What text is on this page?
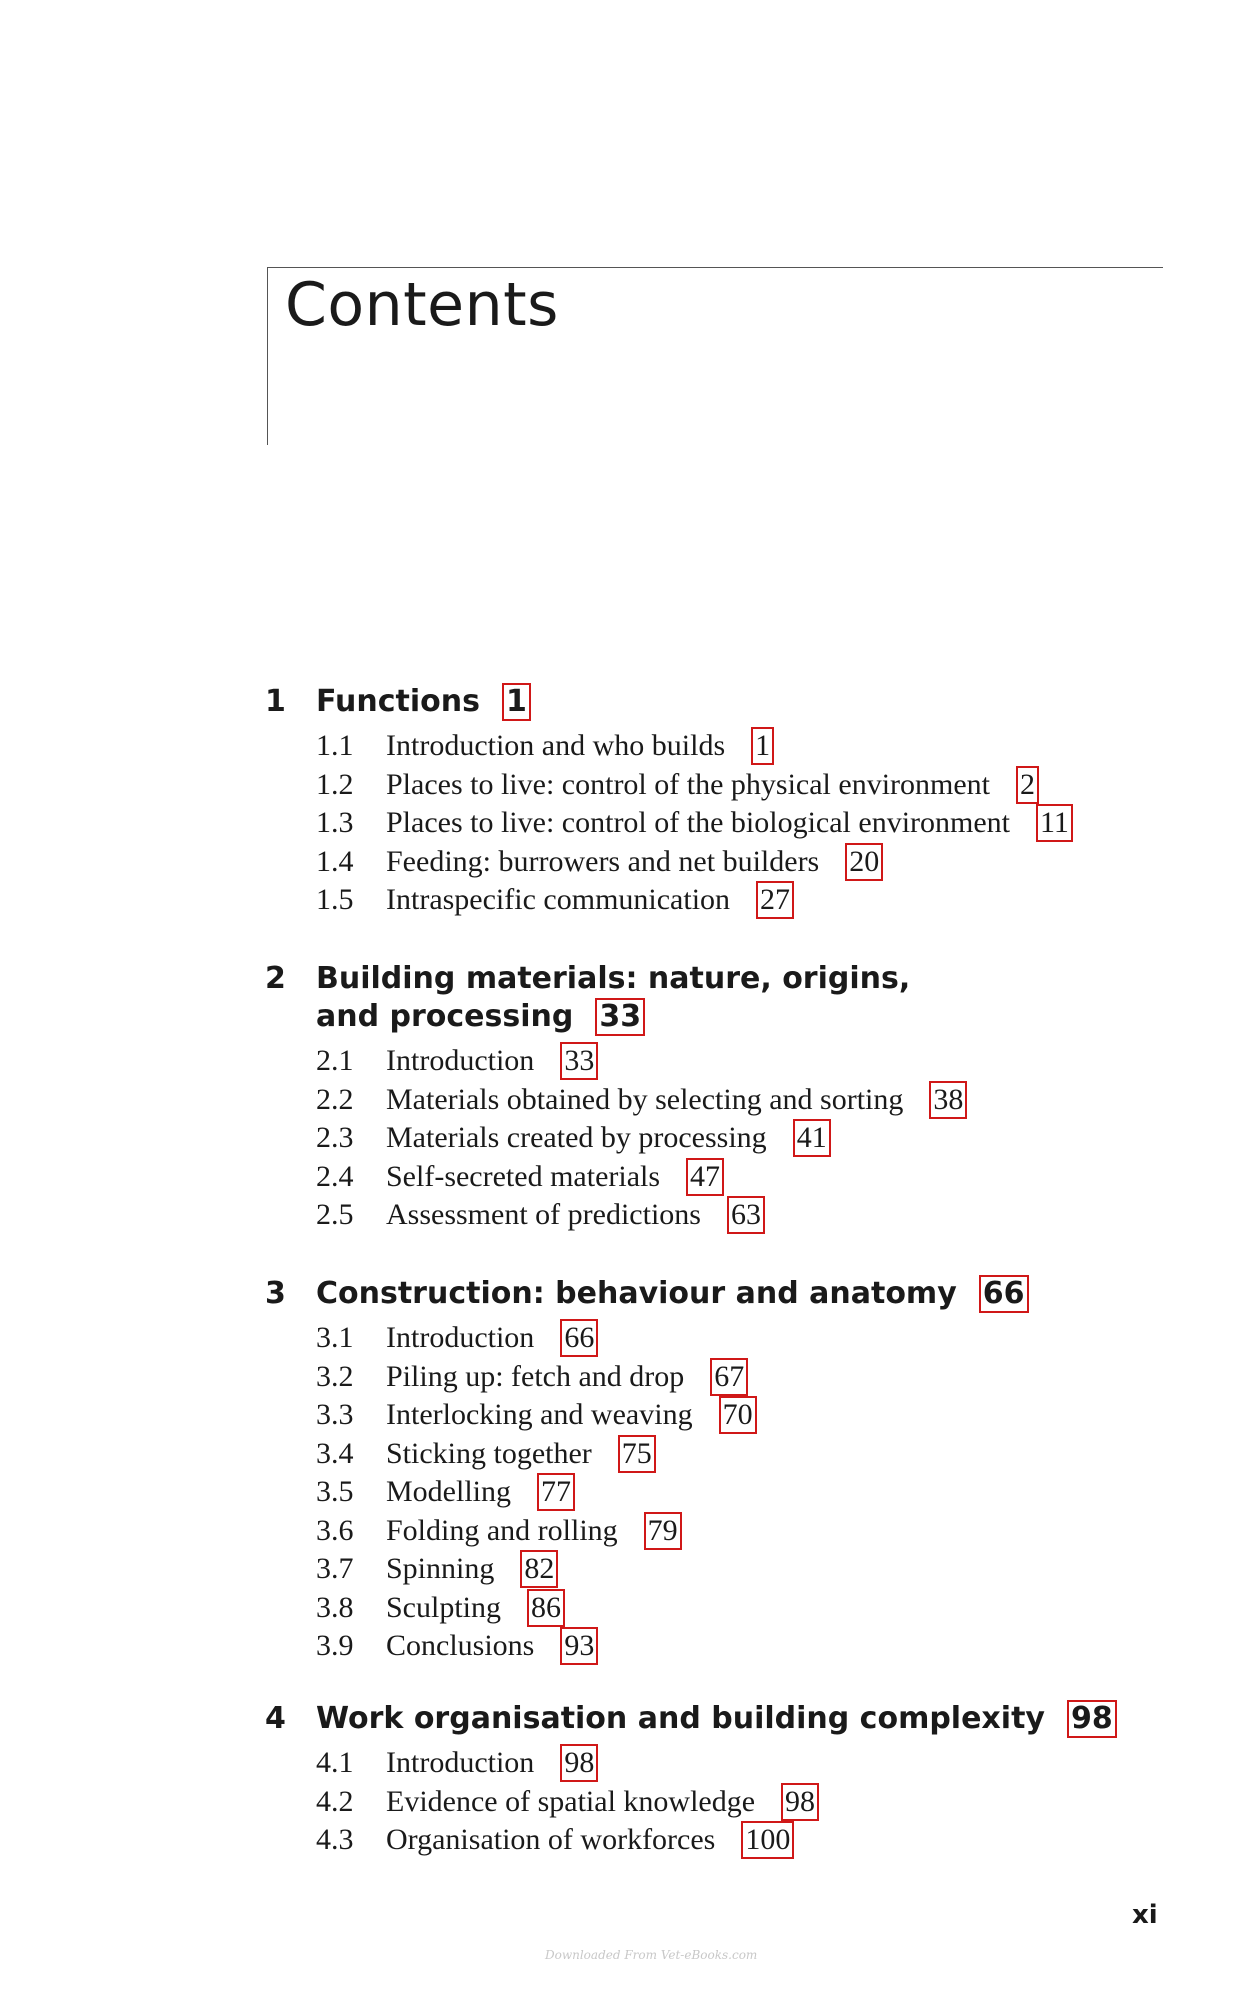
Contents
1 Functions 1
1.1 Introduction and who builds 1
1.2 Places to live: control of the physical environment 2
1.3 Places to live: control of the biological environment 11
1.4 Feeding: burrowers and net builders 20
1.5 Intraspecific communication 27
2 Building materials: nature, origins,
and processing 33
2.1 Introduction 33
2.2 Materials obtained by selecting and sorting 38
2.3 Materials created by processing 41
2.4 Self-secreted materials 47
2.5 Assessment of predictions 63
3 Construction: behaviour and anatomy 66
3.1 Introduction 66
3.2 Piling up: fetch and drop 67
3.3 Interlocking and weaving 70
3.4 Sticking together 75
3.5 Modelling 77
3.6 Folding and rolling 79
3.7 Spinning 82
3.8 Sculpting 86
3.9 Conclusions 93
4 Work organisation and building complexity 98
4.1 Introduction 98
4.2 Evidence of spatial knowledge 98
4.3 Organisation of workforces 100
xi
Downloaded From Vet-eBooks.com
